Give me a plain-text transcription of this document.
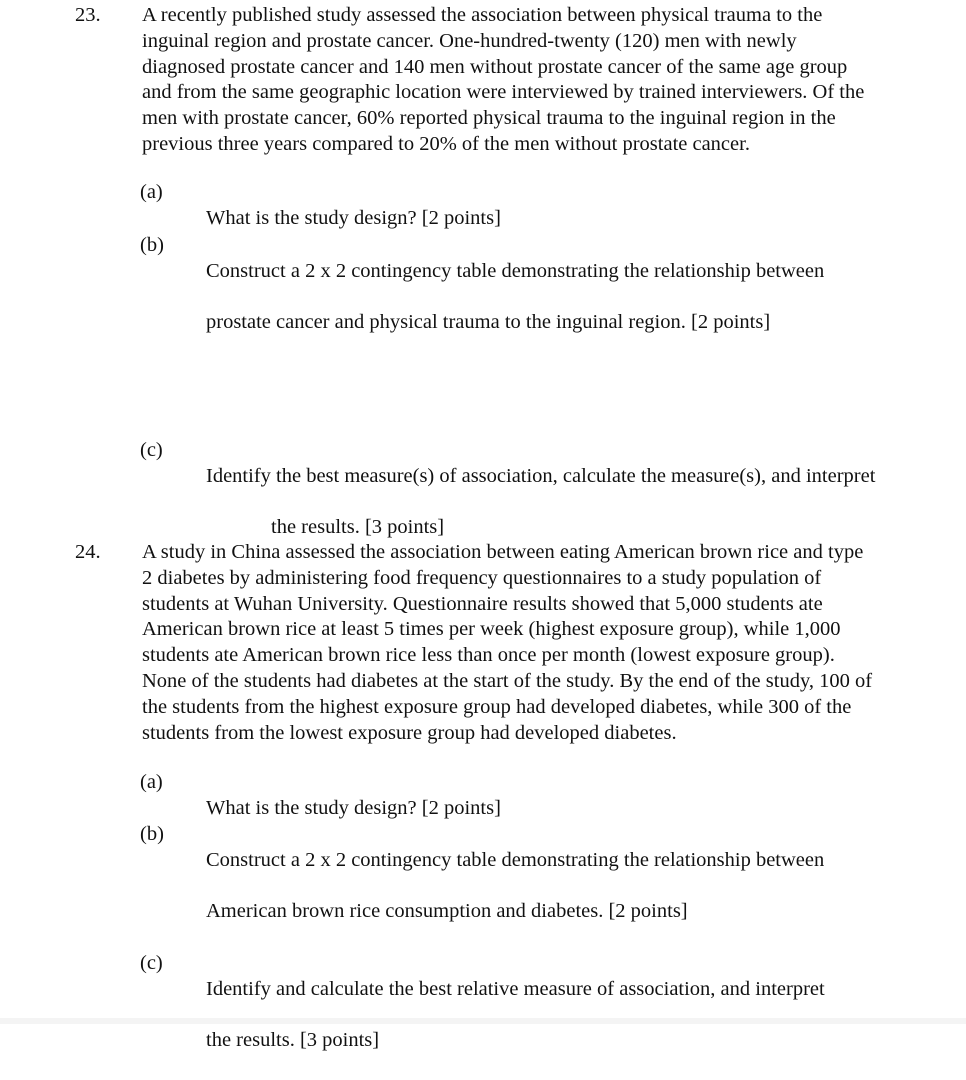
23. A recently published study assessed the association between physical trauma to the
inguinal region and prostate cancer. One-hundred-twenty (120) men with newly
diagnosed prostate cancer and 140 men without prostate cancer of the same age group
and from the same geographic location were interviewed by trained interviewers. Of the
men with prostate cancer, 60% reported physical trauma to the inguinal region in the
previous three years compared to 20% of the men without prostate cancer.
(a)

What is the study design? [2 points]

(b)

Construct a 2 x 2 contingency table demonstrating the relationship between

prostate cancer and physical trauma to the inguinal region. [2 points]

(c)

Identify the best measure(s) of association, calculate the measure(s), and interpret

the results. [3 points]

24. A study in China assessed the association between eating American brown rice and type
2 diabetes by administering food frequency questionnaires to a study population of
students at Wuhan University. Questionnaire results showed that 5,000 students ate
American brown rice at least 5 times per week (highest exposure group), while 1,000
students ate American brown rice less than once per month (lowest exposure group).
None of the students had diabetes at the start of the study. By the end of the study, 100 of
the students from the highest exposure group had developed diabetes, while 300 of the
students from the lowest exposure group had developed diabetes.
(a)

What is the study design? [2 points]

(b)

Construct a 2 x 2 contingency table demonstrating the relationship between

American brown rice consumption and diabetes. [2 points]

(c)

Identify and calculate the best relative measure of association, and interpret

the results. [3 points]
